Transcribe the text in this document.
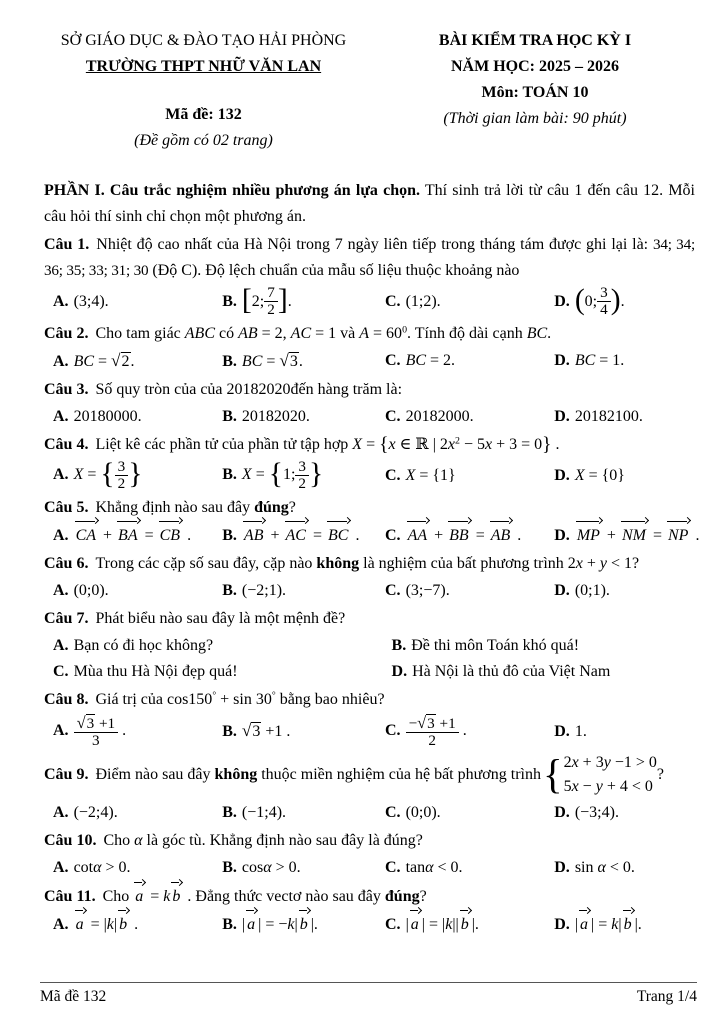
SỞ GIÁO DỤC & ĐÀO TẠO HẢI PHÒNG
TRƯỜNG THPT NHỮ VĂN LAN
Mã đề: 132
(Đề gồm có 02 trang)
BÀI KIỂM TRA HỌC KỲ I
NĂM HỌC: 2025 – 2026
Môn: TOÁN 10
(Thời gian làm bài: 90 phút)

PHẦN I. Câu trắc nghiệm nhiều phương án lựa chọn. Thí sinh trả lời từ câu 1 đến câu 12. Mỗi câu hỏi thí sinh chỉ chọn một phương án.

Câu 1. Nhiệt độ cao nhất của Hà Nội trong 7 ngày liên tiếp trong tháng tám được ghi lại là: 34; 34; 36; 35; 33; 31; 30 (Độ C). Độ lệch chuẩn của mẫu số liệu thuộc khoảng nào

A. (3;4).	B. [2; $\frac{7}{2}$ ].	C. (1;2).	D. (0; $\frac{3}{4}$ ).

Câu 2. Cho tam giác ABC có AB = 2, AC = 1 và $A = 60^0$. Tính độ dài cạnh BC.

A. BC = √2.	B. BC = √3.	C. BC = 2.	D. BC = 1.

Câu 3. Số quy tròn của của 20182020đến hàng trăm là:

A. 20180000.	B. 20182020.	C. 20182000.	D. 20182100.

Câu 4. Liệt kê các phần tử của phần tử tập hợp X = {x ∈ ℝ | $2x^2 - 5x + 3 = 0$} .

A. X = { $\frac{3}{2}$ }	B. X = {1; $\frac{3}{2}$ }	C. X = {1}	D. X = {0}

Câu 5. Khẳng định nào sau đây đúng?

A. CA + BA = CB .	B. AB + AC = BC .	C. AA + BB = AB .	D. MP + NM = NP .

Câu 6. Trong các cặp số sau đây, cặp nào không là nghiệm của bất phương trình 2x + y < 1?

A. (0;0).	B. (−2;1).	C. (3;−7).	D. (0;1).

Câu 7. Phát biểu nào sau đây là một mệnh đề?

A. Bạn có đi học không?	B. Đề thi môn Toán khó quá!
C. Mùa thu Hà Nội đẹp quá!	D. Hà Nội là thủ đô của Việt Nam

Câu 8. Giá trị của cos150° + sin 30° bằng bao nhiêu?

A. $\frac{√3 +1}{3}$ .	B. √3 +1 .	C. $\frac{-√3 +1}{2}$ .	D. 1.

Câu 9. Điểm nào sau đây không thuộc miền nghiệm của hệ bất phương trình { 2x + 3y −1 > 0
5x − y + 4 < 0
?

A. (−2;4).	B. (−1;4).	C. (0;0).	D. (−3;4).

Câu 10. Cho α là góc tù. Khẳng định nào sau đây là đúng?

A. cotα > 0.	B. cosα > 0.	C. tanα < 0.	D. sin α < 0.

Câu 11. Cho a = k b . Đẳng thức vectơ nào sau đây đúng?

A. a = |k| b .	B. | a | = −k| b |.	C. | a | = |k|| b |.	D. | a | = k| b |.
Mã đề 132	Trang 1/4
